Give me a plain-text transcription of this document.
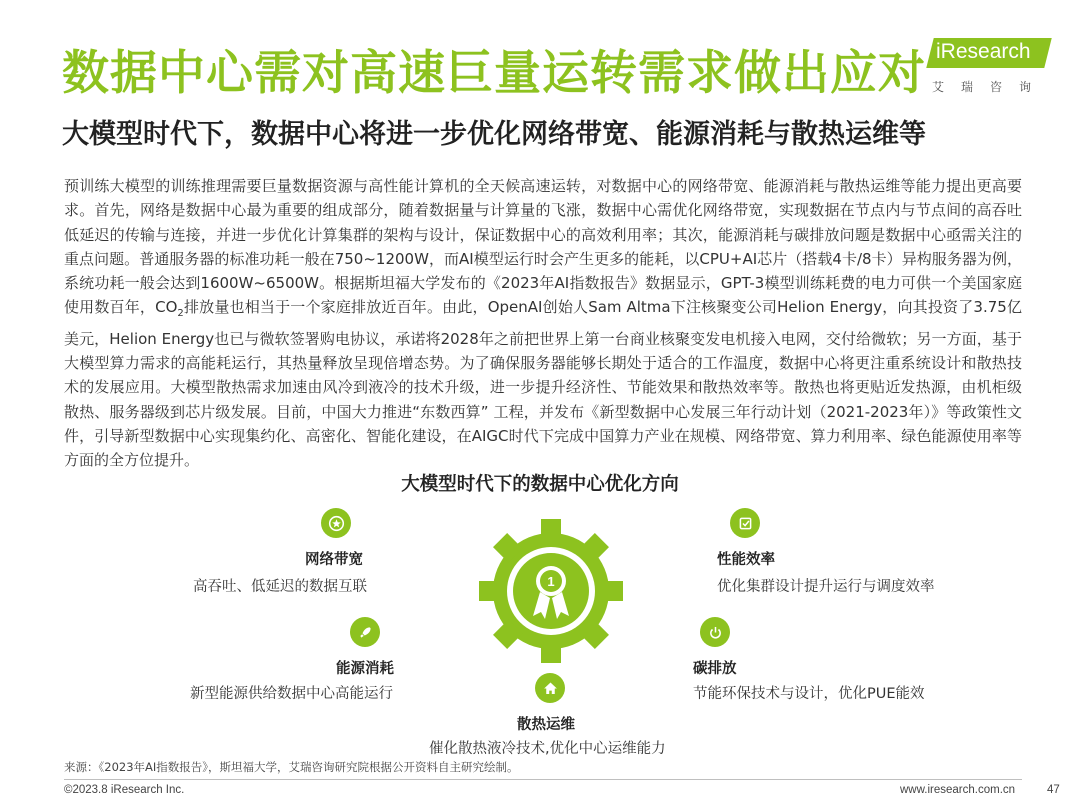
数据中心需对高速巨量运转需求做出应对 iResearch
艾瑞咨询
大模型时代下，数据中心将进一步优化网络带宽、能源消耗与散热运维等

预训练大模型的训练推理需要巨量数据资源与高性能计算机的全天候高速运转，对数据中心的网络带宽、能源消耗与散热运维等能力提出更高要求。首先，网络是数据中心最为重要的组成部分，随着数据量与计算量的飞涨，数据中心需优化网络带宽，实现数据在节点内与节点间的高吞吐低延迟的传输与连接，并进一步优化计算集群的架构与设计，保证数据中心的高效利用率；其次，能源消耗与碳排放问题是数据中心亟需关注的重点问题。普通服务器的标准功耗一般在750~1200W，而AI模型运行时会产生更多的能耗，以CPU+AI芯片（搭载4卡/8卡）异构服务器为例，系统功耗一般会达到1600W~6500W。根据斯坦福大学发布的《2023年AI指数报告》数据显示，GPT-3模型训练耗费的电力可供一个美国家庭使用数百年，$CO_2$排放量也相当于一个家庭排放近百年。由此，OpenAI创始人Sam Altma下注核聚变公司Helion Energy，向其投资了3.75亿美元，Helion Energy也已与微软签署购电协议，承诺将2028年之前把世界上第一台商业核聚变发电机接入电网，交付给微软；另一方面，基于大模型算力需求的高能耗运行，其热量释放呈现倍增态势。为了确保服务器能够长期处于适合的工作温度，数据中心将更注重系统设计和散热技术的发展应用。大模型散热需求加速由风冷到液冷的技术升级，进一步提升经济性、节能效果和散热效率等。散热也将更贴近发热源，由机柜级散热、服务器级到芯片级发展。目前，中国大力推进“东数西算” 工程，并发布《新型数据中心发展三年行动计划（2021-2023年）》等政策性文件，引导新型数据中心实现集约化、高密化、智能化建设，在AIGC时代下完成中国算力产业在规模、网络带宽、算力利用率、绿色能源使用率等方面的全方位提升。

大模型时代下的数据中心优化方向
1
网络带宽
高吞吐、低延迟的数据互联
性能效率
优化集群设计提升运行与调度效率
能源消耗
新型能源供给数据中心高能运行
碳排放
节能环保技术与设计，优化PUE能效
散热运维
催化散热液冷技术,优化中心运维能力
来源：《2023年AI指数报告》，斯坦福大学，艾瑞咨询研究院根据公开资料自主研究绘制。
©2023.8 iResearch Inc.	www.iresearch.com.cn	47
